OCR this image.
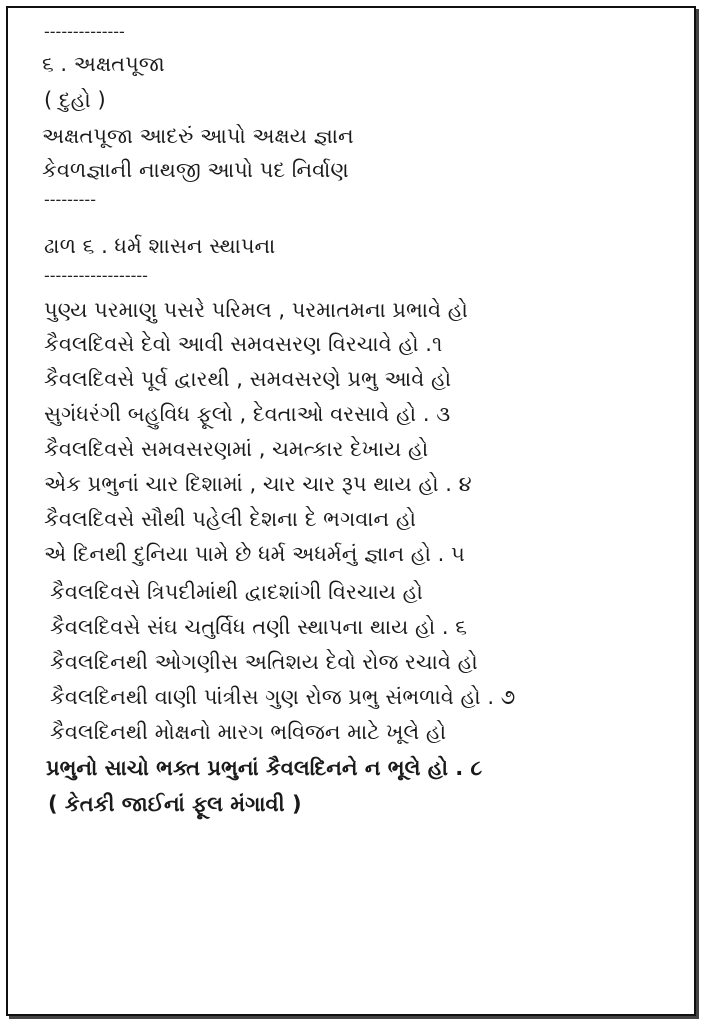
--------------
૬ . અક્ષતપૂજા
( દુહો )
અક્ષતપૂજા આદરું આપો અક્ષય જ્ઞાન
કેવળજ્ઞાની નાથજી આપો પદ નિર્વાણ
---------
ઢાળ ૬ . ધર્મ શાસન સ્થાપના
------------------
પુણ્ય પરમાણુ પસરે પરિમલ , પરમાતમના પ્રભાવે હો
કૈવલદિવસે દેવો આવી સમવસરણ વિરચાવે હો .૧
કૈવલદિવસે પૂર્વ દ્વારથી , સમવસરણે પ્રભુ આવે હો
સુગંધરંગી બહુવિધ ફૂલો , દેવતાઓ વરસાવે હો . ૩
કૈવલદિવસે સમવસરણમાં , ચમત્કાર દેખાય હો
એક પ્રભુનાં ચાર દિશામાં , ચાર ચાર રૂપ થાય હો . ૪
કૈવલદિવસે સૌથી પહેલી દેશના દે ભગવાન હો
એ દિનથી દુનિયા પામે છે ધર્મ અધર્મનું જ્ઞાન હો . ૫
કૈવલદિવસે ત્રિપદીમાંથી દ્વાદશાંગી વિરચાય હો
કૈવલદિવસે સંઘ ચતુર્વિધ તણી સ્થાપના થાય હો . ૬
કૈવલદિનથી ઓગણીસ અતિશય દેવો રોજ રચાવે હો
કૈવલદિનથી વાણી પાંત્રીસ ગુણ રોજ પ્રભુ સંભળાવે હો . ૭
કૈવલદિનથી મોક્ષનો મારગ ભવિજન માટે ખૂલે હો
પ્રભુનો સાચો ભક્ત પ્રભુનાં કૈવલદિનને ન ભૂલે હો . ૮
( કેતકી જાઈનાં ફૂલ મંગાવી )
